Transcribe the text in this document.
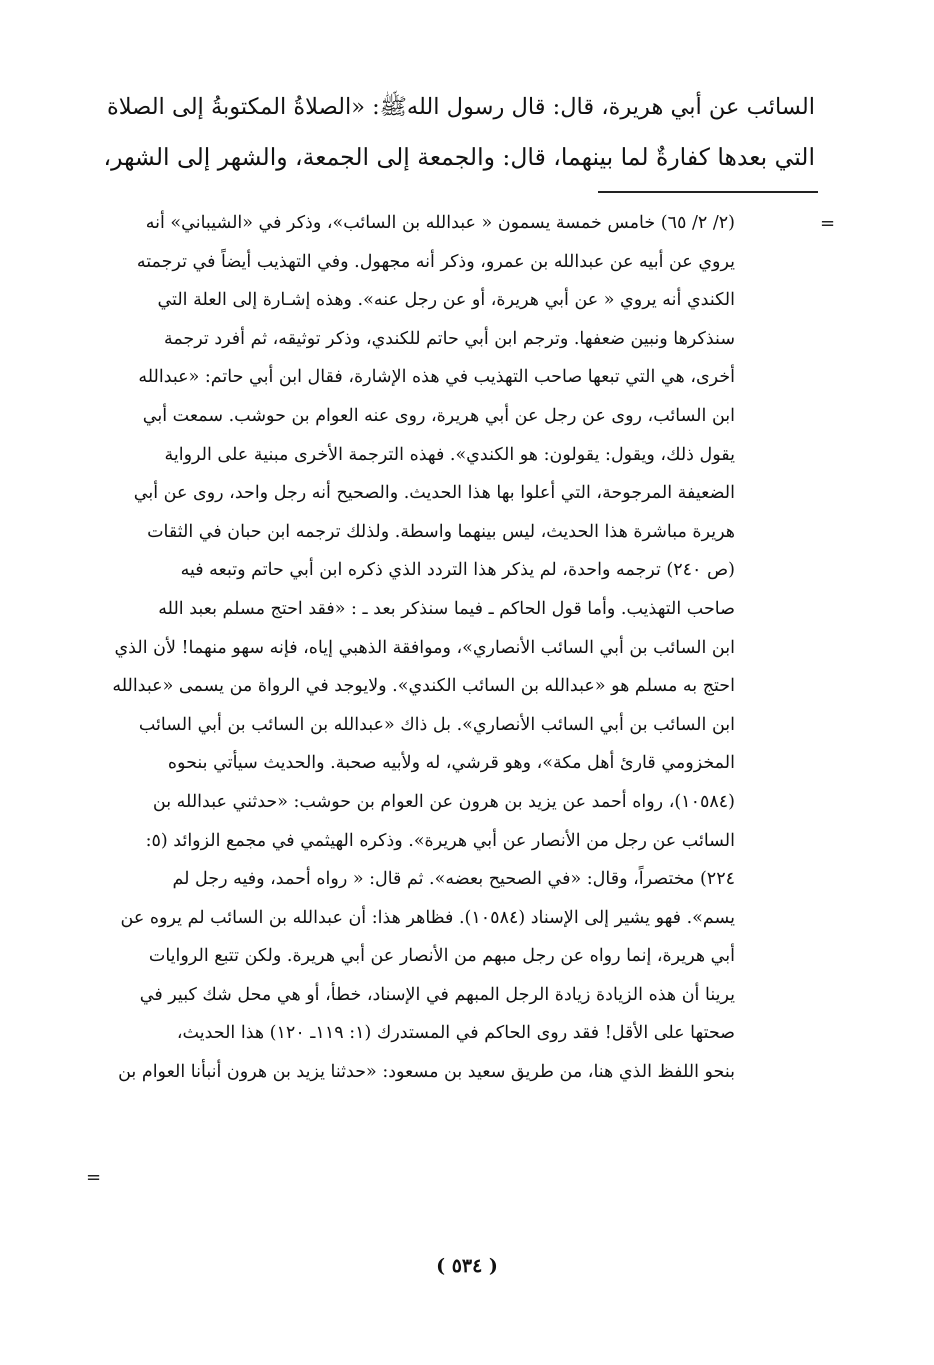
السائب عن أبي هريرة، قال: قال رسول اللهﷺ: «الصلاةُ المكتوبةُ إلى الصلاة
التي بعدها كفارةٌ لما بينهما، قال: والجمعة إلى الجمعة، والشهر إلى الشهر،
=
(٢/ ٢/ ٦٥) خامس خمسة يسمون « عبدالله بن السائب»، وذكر في «الشيباني» أنه
يروي عن أبيه عن عبدالله بن عمرو، وذكر أنه مجهول. وفي التهذيب أيضاً في ترجمته
الكندي أنه يروي « عن أبي هريرة، أو عن رجل عنه». وهذه إشـارة إلى العلة التي
سنذكرها ونبين ضعفها. وترجم ابن أبي حاتم للكندي، وذكر توثيقه، ثم أفرد ترجمة
أخرى، هي التي تبعها صاحب التهذيب في هذه الإشارة، فقال ابن أبي حاتم: «عبدالله
ابن السائب، روى عن رجل عن أبي هريرة، روى عنه العوام بن حوشب. سمعت أبي
يقول ذلك، ويقول: يقولون: هو الكندي». فهذه الترجمة الأخرى مبنية على الرواية
الضعيفة المرجوحة، التي أعلوا بها هذا الحديث. والصحيح أنه رجل واحد، روى عن أبي
هريرة مباشرة هذا الحديث، ليس بينهما واسطة. ولذلك ترجمه ابن حبان في الثقات
(ص ٢٤٠) ترجمه واحدة، لم يذكر هذا التردد الذي ذكره ابن أبي حاتم وتبعه فيه
صاحب التهذيب. وأما قول الحاكم ـ فيما سنذكر بعد ـ : «فقد احتج مسلم بعبد الله
ابن السائب بن أبي السائب الأنصاري»، وموافقة الذهبي إياه، فإنه سهو منهما! لأن الذي
احتج به مسلم هو «عبدالله بن السائب الكندي». ولايوجد في الرواة من يسمى «عبدالله
ابن السائب بن أبي السائب الأنصاري». بل ذاك «عبدالله بن السائب بن أبي السائب
المخزومي قارئ أهل مكة»، وهو قرشي، له ولأبيه صحبة. والحديث سيأتي بنحوه
(١٠٥٨٤)، رواه أحمد عن يزيد بن هرون عن العوام بن حوشب: «حدثني عبدالله بن
السائب عن رجل من الأنصار عن أبي هريرة». وذكره الهيثمي في مجمع الزوائد (٥:
٢٢٤) مختصراً، وقال: «في الصحيح بعضه». ثم قال: « رواه أحمد، وفيه رجل لم
يسم». فهو يشير إلى الإسناد (١٠٥٨٤). فظاهر هذا: أن عبدالله بن السائب لم يروه عن
أبي هريرة، إنما رواه عن رجل مبهم من الأنصار عن أبي هريرة. ولكن تتبع الروايات
يرينا أن هذه الزيادة زيادة الرجل المبهم في الإسناد، خطأ، أو هي محل شك كبير في
صحتها على الأقل! فقد روى الحاكم في المستدرك (١: ١١٩ـ ١٢٠) هذا الحديث،
بنحو اللفظ الذي هنا، من طريق سعيد بن مسعود: «حدثنا يزيد بن هرون أنبأنا العوام بن
=
( ٥٣٤ )
